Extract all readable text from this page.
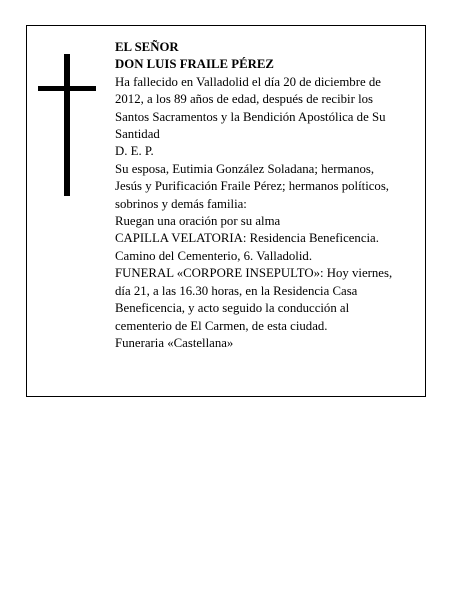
EL SEÑOR
DON LUIS FRAILE PÉREZ
Ha fallecido en Valladolid el día 20 de diciembre de
2012, a los 89 años de edad, después de recibir los
Santos Sacramentos y la Bendición Apostólica de Su
Santidad
D. E. P.
Su esposa, Eutimia González Soladana; hermanos,
Jesús y Purificación Fraile Pérez; hermanos políticos,
sobrinos y demás familia:
Ruegan una oración por su alma
CAPILLA VELATORIA: Residencia Beneficencia.
Camino del Cementerio, 6. Valladolid.
FUNERAL «CORPORE INSEPULTO»: Hoy viernes,
día 21, a las 16.30 horas, en la Residencia Casa
Beneficencia, y acto seguido la conducción al
cementerio de El Carmen, de esta ciudad.
Funeraria «Castellana»
